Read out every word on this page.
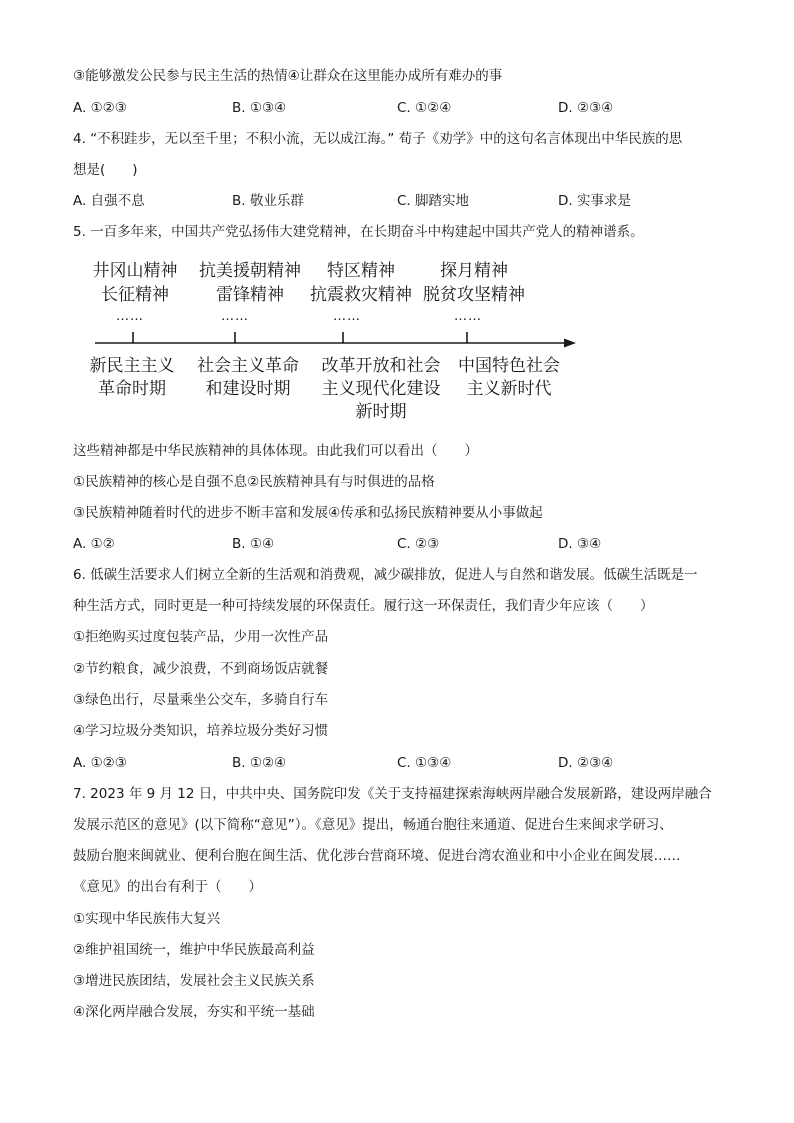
③能够激发公民参与民主生活的热情④让群众在这里能办成所有难办的事
A. ①②③	B. ①③④	C. ①②④	D. ②③④
4. “不积跬步，无以至千里；不积小流，无以成江海。” 荀子《劝学》中的这句名言体现出中华民族的思
想是(　　)
A. 自强不息	B. 敬业乐群	C. 脚踏实地	D. 实事求是
5. 一百多年来，中国共产党弘扬伟大建党精神，在长期奋斗中构建起中国共产党人的精神谱系。
井冈山精神
长征精神
抗美援朝精神
雷锋精神
特区精神
抗震救灾精神
探月精神
脱贫攻坚精神
……	……	……	……
新民主主义
革命时期
社会主义革命
和建设时期
改革开放和社会
主义现代化建设
新时期
中国特色社会
主义新时代
这些精神都是中华民族精神的具体体现。由此我们可以看出（　　）
①民族精神的核心是自强不息②民族精神具有与时俱进的品格
③民族精神随着时代的进步不断丰富和发展④传承和弘扬民族精神要从小事做起
A. ①②	B. ①④	C. ②③	D. ③④
6. 低碳生活要求人们树立全新的生活观和消费观，减少碳排放，促进人与自然和谐发展。低碳生活既是一
种生活方式，同时更是一种可持续发展的环保责任。履行这一环保责任，我们青少年应该（　　）
①拒绝购买过度包装产品，少用一次性产品
②节约粮食，减少浪费，不到商场饭店就餐
③绿色出行，尽量乘坐公交车，多骑自行车
④学习垃圾分类知识，培养垃圾分类好习惯
A. ①②③	B. ①②④	C. ①③④	D. ②③④
7. 2023 年 9 月 12 日，中共中央、国务院印发《关于支持福建探索海峡两岸融合发展新路，建设两岸融合
发展示范区的意见》(以下简称“意见”）。《意见》提出，畅通台胞往来通道、促进台生来闽求学研习、
鼓励台胞来闽就业、便利台胞在闽生活、优化涉台营商环境、促进台湾农渔业和中小企业在闽发展……
《意见》的出台有利于（　　）
①实现中华民族伟大复兴
②维护祖国统一，维护中华民族最高利益
③增进民族团结，发展社会主义民族关系
④深化两岸融合发展，夯实和平统一基础
